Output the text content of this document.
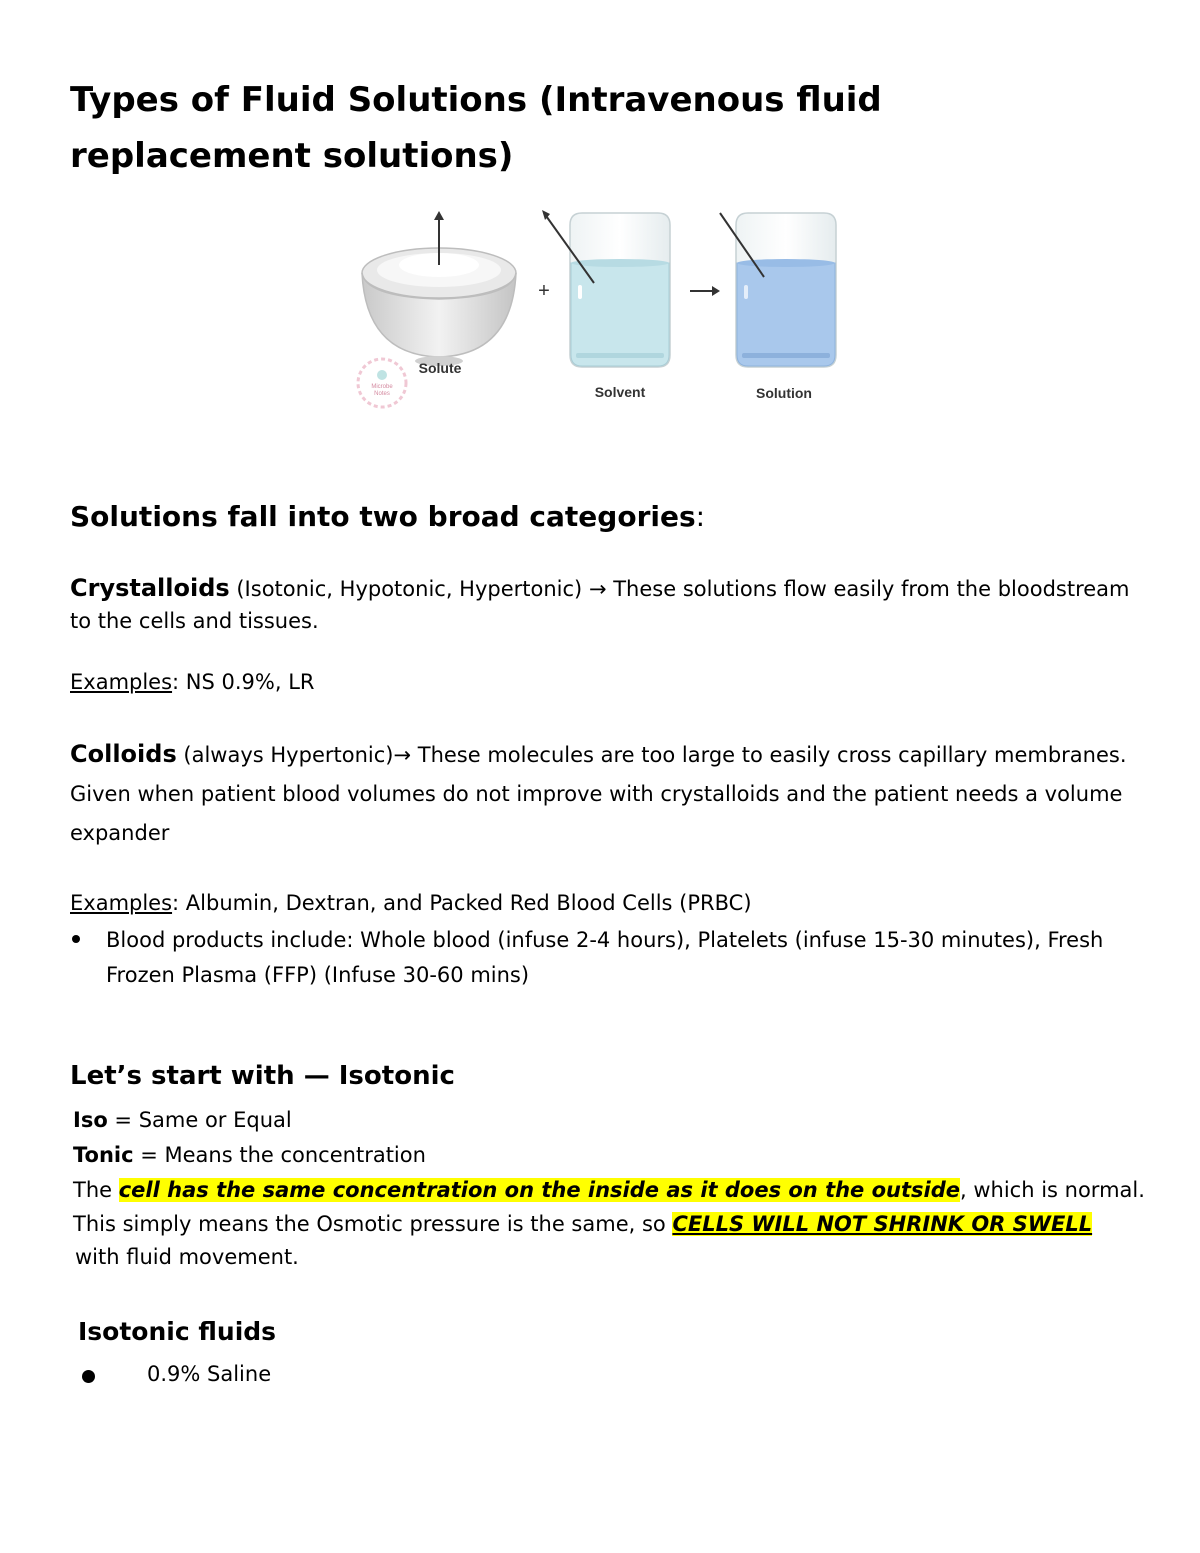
Types of Fluid Solutions (Intravenous fluid replacement solutions)
Microbe
Notes
Solute
+
Solvent	Solution
Solutions fall into two broad categories:
Crystalloids (Isotonic, Hypotonic, Hypertonic) → These solutions flow easily from the bloodstream to the cells and tissues.
Examples: NS 0.9%, LR
Colloids (always Hypertonic)→ These molecules are too large to easily cross capillary membranes. Given when patient blood volumes do not improve with crystalloids and the patient needs a volume expander
Examples: Albumin, Dextran, and Packed Red Blood Cells (PRBC)
Blood products include: Whole blood (infuse 2-4 hours), Platelets (infuse 15-30 minutes), Fresh Frozen Plasma (FFP) (Infuse 30-60 mins)
Let’s start with — Isotonic
Iso = Same or Equal
Tonic = Means the concentration
The cell has the same concentration on the inside as it does on the outside, which is normal.
This simply means the Osmotic pressure is the same, so CELLS WILL NOT SHRINK OR SWELL
with fluid movement.
Isotonic fluids
0.9% Saline
